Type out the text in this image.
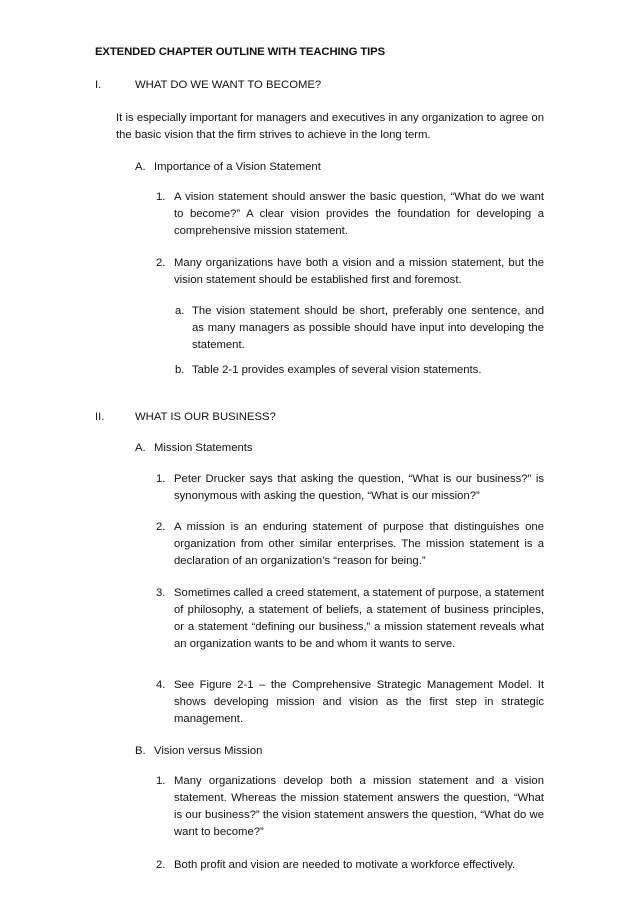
EXTENDED CHAPTER OUTLINE WITH TEACHING TIPS
I.	WHAT DO WE WANT TO BECOME?
It is especially important for managers and executives in any organization to agree on the basic vision that the firm strives to achieve in the long term.
A. Importance of a Vision Statement
1. A vision statement should answer the basic question, “What do we want to become?” A clear vision provides the foundation for developing a comprehensive mission statement.
2. Many organizations have both a vision and a mission statement, but the vision statement should be established first and foremost.
a. The vision statement should be short, preferably one sentence, and as many managers as possible should have input into developing the statement.
b. Table 2-1 provides examples of several vision statements.
II.	WHAT IS OUR BUSINESS?
A. Mission Statements
1. Peter Drucker says that asking the question, “What is our business?” is synonymous with asking the question, “What is our mission?”
2. A mission is an enduring statement of purpose that distinguishes one organization from other similar enterprises. The mission statement is a declaration of an organization’s “reason for being.”
3. Sometimes called a creed statement, a statement of purpose, a statement of philosophy, a statement of beliefs, a statement of business principles, or a statement “defining our business,” a mission statement reveals what an organization wants to be and whom it wants to serve.
4. See Figure 2-1 – the Comprehensive Strategic Management Model. It shows developing mission and vision as the first step in strategic management.
B. Vision versus Mission
1. Many organizations develop both a mission statement and a vision statement. Whereas the mission statement answers the question, “What is our business?” the vision statement answers the question, “What do we want to become?”
2. Both profit and vision are needed to motivate a workforce effectively.
